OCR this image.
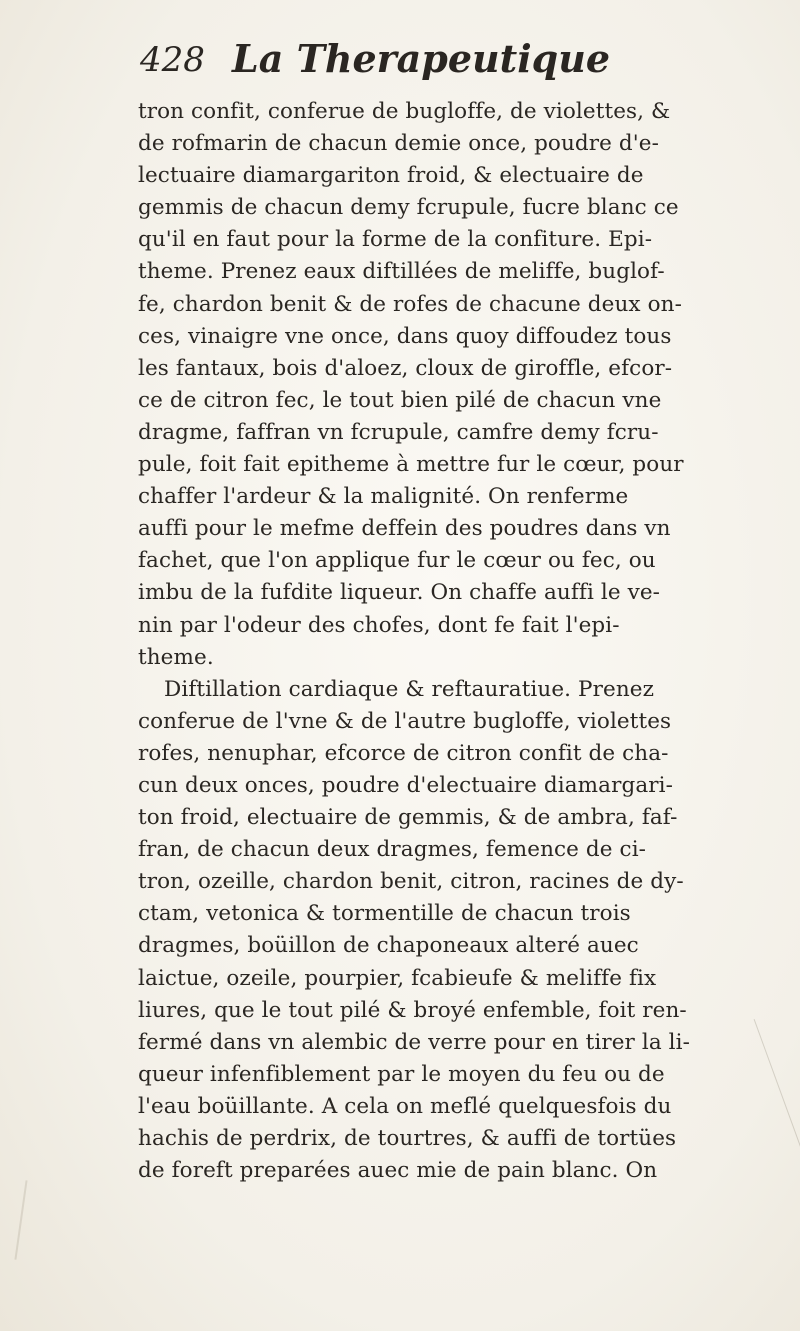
428 La Therapeutique
tron confit, conferue de bugloffe, de violettes, &
de rofmarin de chacun demie once, poudre d'e-
lectuaire diamargariton froid, & electuaire de
gemmis de chacun demy fcrupule, fucre blanc ce
qu'il en faut pour la forme de la confiture. Epi-
theme. Prenez eaux diftillées de meliffe, buglof-
fe, chardon benit & de rofes de chacune deux on-
ces, vinaigre vne once, dans quoy diffoudez tous
les fantaux, bois d'aloez, cloux de giroffle, efcor-
ce de citron fec, le tout bien pilé de chacun vne
dragme, faffran vn fcrupule, camfre demy fcru-
pule, foit fait epitheme à mettre fur le cœur, pour
chaffer l'ardeur & la malignité. On renferme
auffi pour le mefme deffein des poudres dans vn
fachet, que l'on applique fur le cœur ou fec, ou
imbu de la fufdite liqueur. On chaffe auffi le ve-
nin par l'odeur des chofes, dont fe fait l'epi-
theme.
Diftillation cardiaque & reftauratiue. Prenez
conferue de l'vne & de l'autre bugloffe, violettes
rofes, nenuphar, efcorce de citron confit de cha-
cun deux onces, poudre d'electuaire diamargari-
ton froid, electuaire de gemmis, & de ambra, faf-
fran, de chacun deux dragmes, femence de ci-
tron, ozeille, chardon benit, citron, racines de dy-
ctam, vetonica & tormentille de chacun trois
dragmes, boüillon de chaponeaux alteré auec
laictue, ozeile, pourpier, fcabieufe & meliffe fix
liures, que le tout pilé & broyé enfemble, foit ren-
fermé dans vn alembic de verre pour en tirer la li-
queur infenfiblement par le moyen du feu ou de
l'eau boüillante. A cela on meflé quelquesfois du
hachis de perdrix, de tourtres, & auffi de tortües
de foreft preparées auec mie de pain blanc. On
